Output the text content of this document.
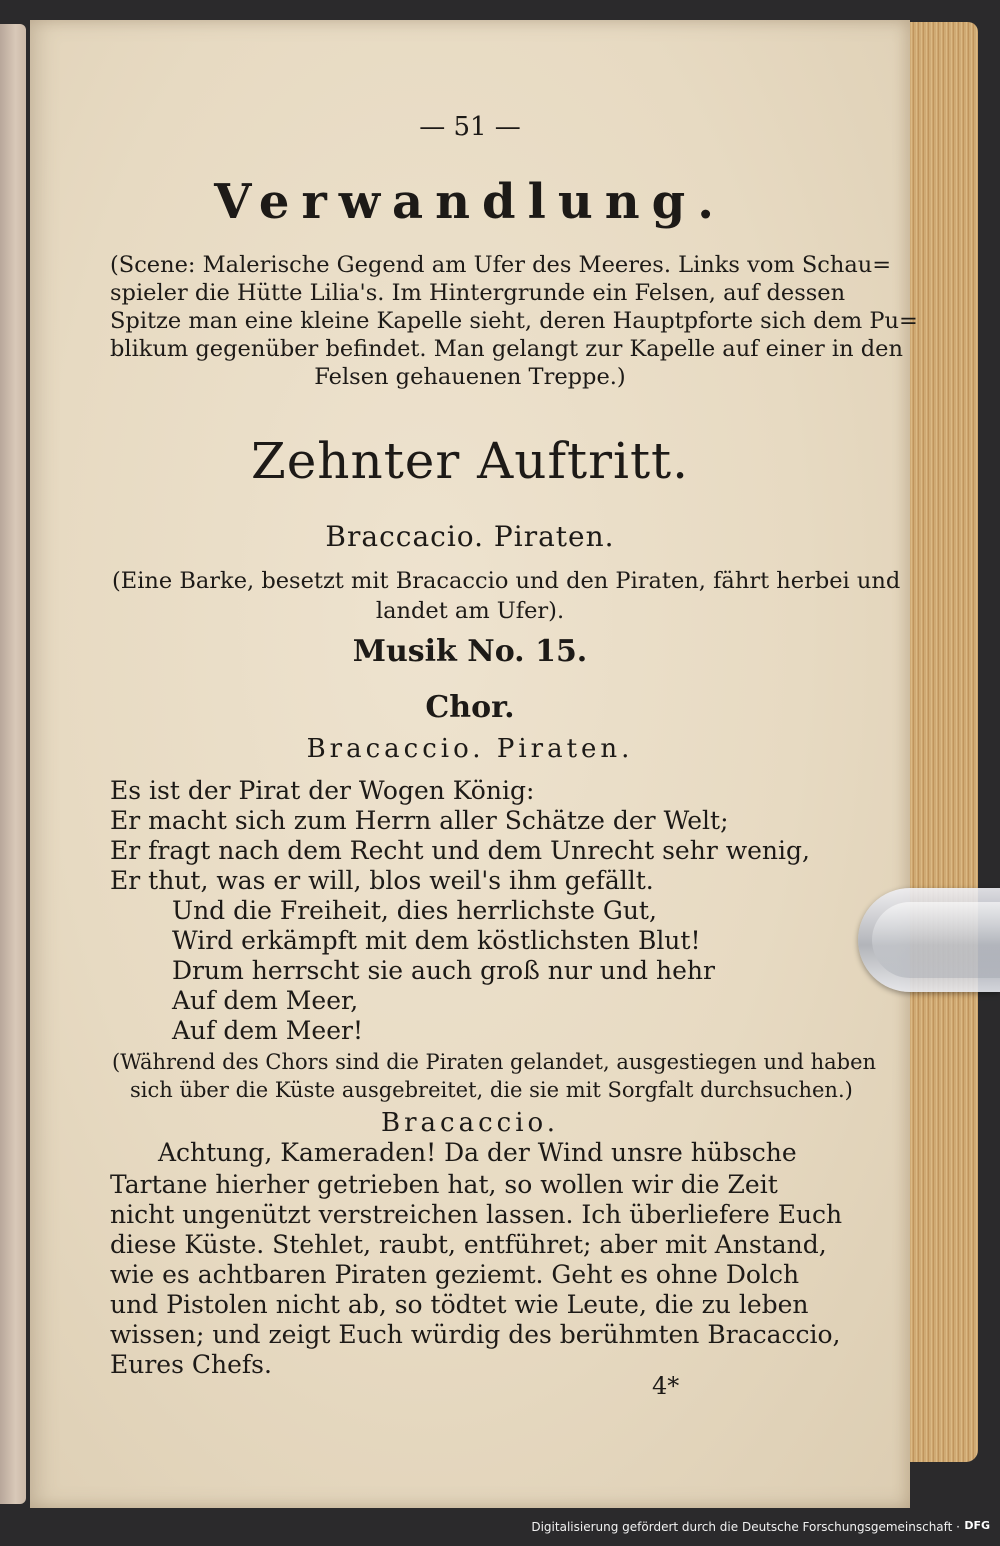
— 51 —
Verwandlung.
(Scene: Malerische Gegend am Ufer des Meeres. Links vom Schau=
spieler die Hütte Lilia's. Im Hintergrunde ein Felsen, auf dessen
Spitze man eine kleine Kapelle sieht, deren Hauptpforte sich dem Pu=
blikum gegenüber befindet. Man gelangt zur Kapelle auf einer in den
Felsen gehauenen Treppe.)
Zehnter Auftritt.
Braccacio. Piraten.
(Eine Barke, besetzt mit Bracaccio und den Piraten, fährt herbei und
landet am Ufer).
Musik No. 15.
Chor.
Bracaccio. Piraten.
Es ist der Pirat der Wogen König:
Er macht sich zum Herrn aller Schätze der Welt;
Er fragt nach dem Recht und dem Unrecht sehr wenig,
Er thut, was er will, blos weil's ihm gefällt.
Und die Freiheit, dies herrlichste Gut,
Wird erkämpft mit dem köstlichsten Blut!
Drum herrscht sie auch groß nur und hehr
Auf dem Meer,
Auf dem Meer!
(Während des Chors sind die Piraten gelandet, ausgestiegen und haben
sich über die Küste ausgebreitet, die sie mit Sorgfalt durchsuchen.)
Bracaccio.
Achtung, Kameraden! Da der Wind unsre hübsche
Tartane hierher getrieben hat, so wollen wir die Zeit
nicht ungenützt verstreichen lassen. Ich überliefere Euch
diese Küste. Stehlet, raubt, entführet; aber mit Anstand,
wie es achtbaren Piraten geziemt. Geht es ohne Dolch
und Pistolen nicht ab, so tödtet wie Leute, die zu leben
wissen; und zeigt Euch würdig des berühmten Bracaccio,
Eures Chefs.
4*
Digitalisierung gefördert durch die Deutsche Forschungsgemeinschaft · DFG
